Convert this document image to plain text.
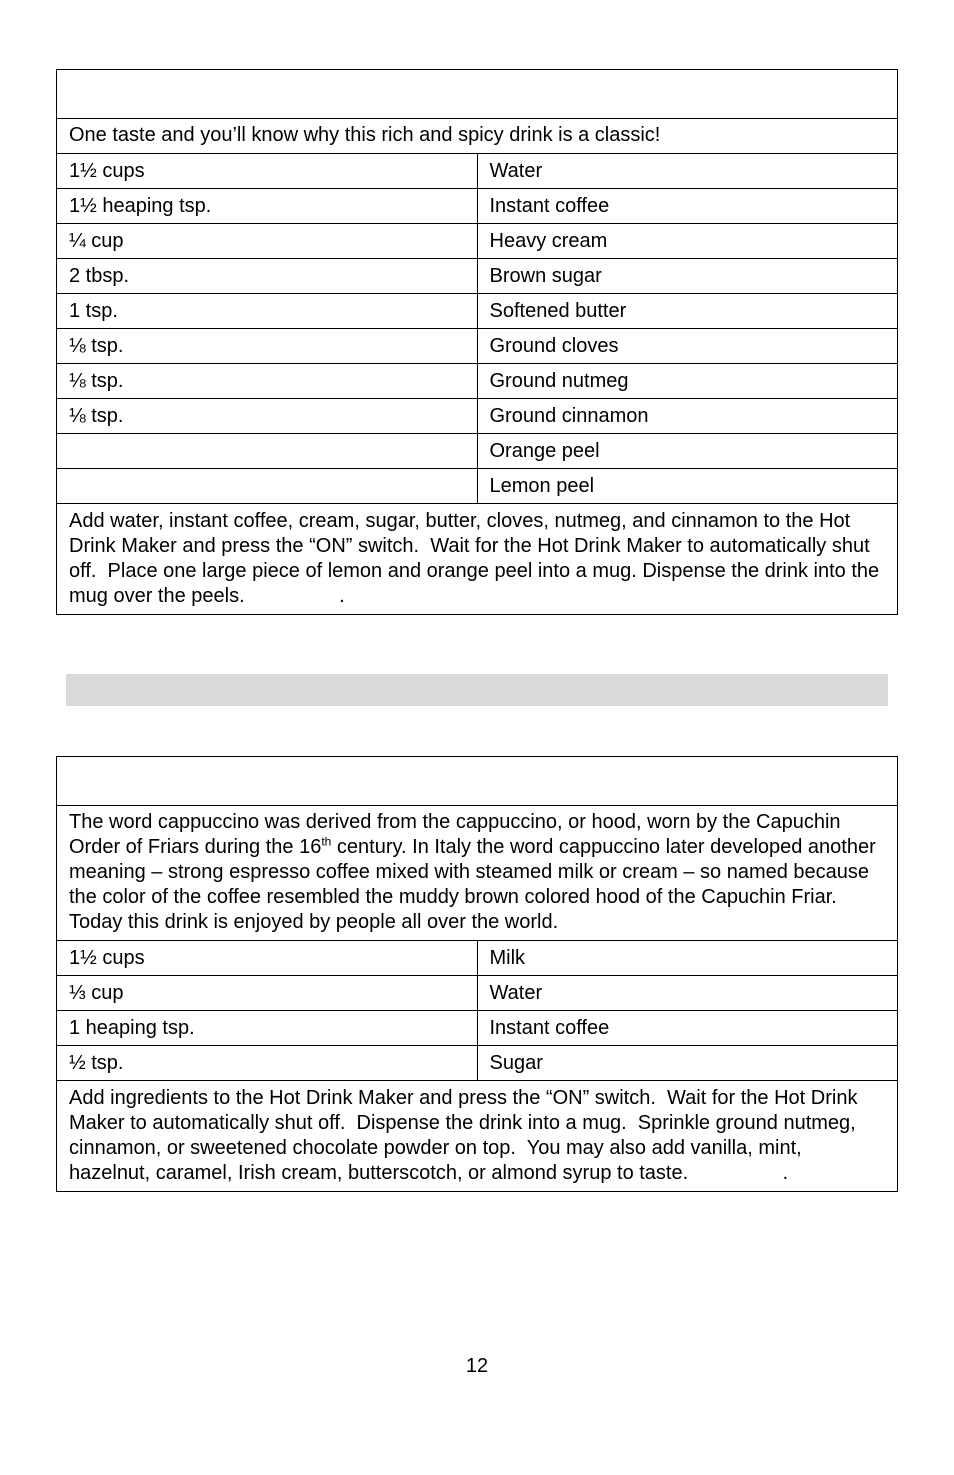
One taste and you’ll know why this rich and spicy drink is a classic!	
1½ cups	Water
1½ heaping tsp.	Instant coffee
¼ cup	Heavy cream
2 tbsp.	Brown sugar
1 tsp.	Softened butter
⅛ tsp.	Ground cloves
⅛ tsp.	Ground nutmeg
⅛ tsp.	Ground cinnamon
	Orange peel
	Lemon peel
Add water, instant coffee, cream, sugar, butter, cloves, nutmeg, and cinnamon to the Hot Drink Maker and press the “ON” switch.  Wait for the Hot Drink Maker to automatically shut off.  Place one large piece of lemon and orange peel into a mug. Dispense the drink into the mug over the peels.                 .	

The word cappuccino was derived from the cappuccino, or hood, worn by the Capuchin Order of Friars during the 16th century. In Italy the word cappuccino later developed another meaning – strong espresso coffee mixed with steamed milk or cream – so named because the color of the coffee resembled the muddy brown colored hood of the Capuchin Friar. Today this drink is enjoyed by people all over the world.	
1½ cups	Milk
⅓ cup	Water
1 heaping tsp.	Instant coffee
½ tsp.	Sugar
Add ingredients to the Hot Drink Maker and press the “ON” switch.  Wait for the Hot Drink Maker to automatically shut off.  Dispense the drink into a mug.  Sprinkle ground nutmeg, cinnamon, or sweetened chocolate powder on top.  You may also add vanilla, mint, hazelnut, caramel, Irish cream, butterscotch, or almond syrup to taste.                 .	
12
